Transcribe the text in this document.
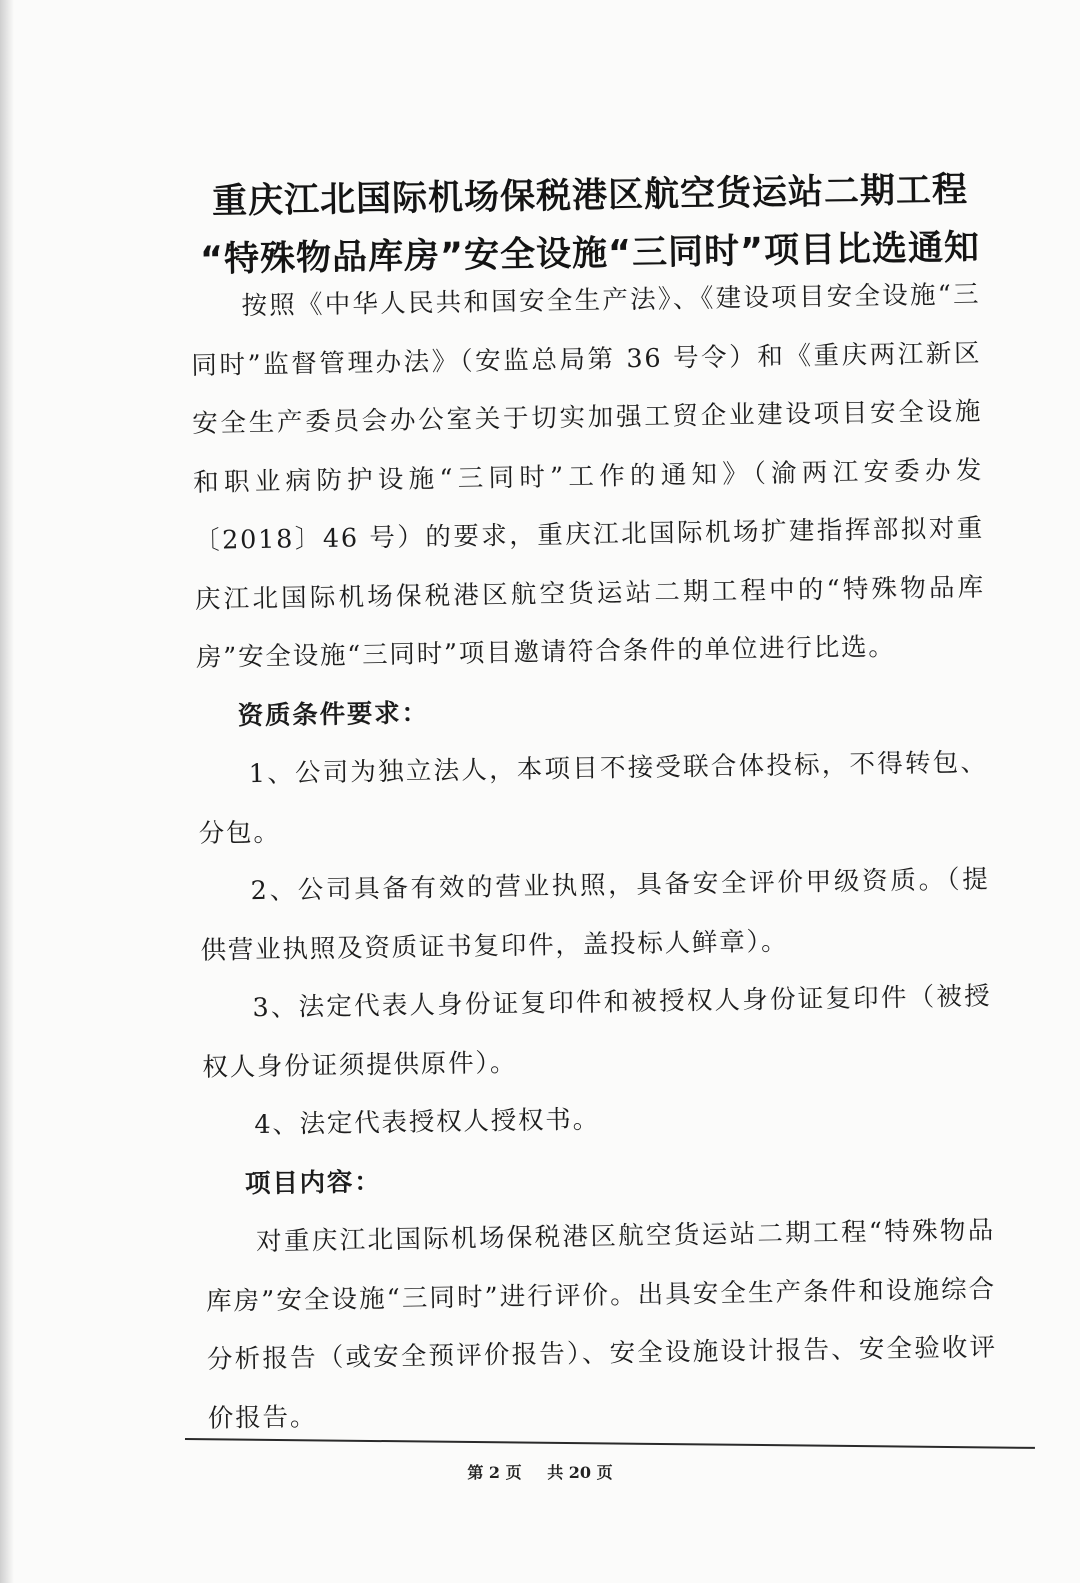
重庆江北国际机场保税港区航空货运站二期工程
“特殊物品库房”安全设施“三同时”项目比选通知

按照《中华人民共和国安全生产法》、《建设项目安全设施“三同时”监督管理办法》（安监总局第 36 号令）和《重庆两江新区安全生产委员会办公室关于切实加强工贸企业建设项目安全设施和职业病防护设施“三同时”工作的通知》（渝两江安委办发〔2018〕46 号）的要求，重庆江北国际机场扩建指挥部拟对重庆江北国际机场保税港区航空货运站二期工程中的“特殊物品库房”安全设施“三同时”项目邀请符合条件的单位进行比选。

资质条件要求：

1、公司为独立法人，本项目不接受联合体投标，不得转包、分包。

2、公司具备有效的营业执照，具备安全评价甲级资质。（提供营业执照及资质证书复印件，盖投标人鲜章）。

3、法定代表人身份证复印件和被授权人身份证复印件（被授权人身份证须提供原件）。

4、法定代表授权人授权书。

项目内容：

对重庆江北国际机场保税港区航空货运站二期工程“特殊物品库房”安全设施“三同时”进行评价。出具安全生产条件和设施综合分析报告（或安全预评价报告）、安全设施设计报告、安全验收评价报告。

第 2 页 共 20 页
